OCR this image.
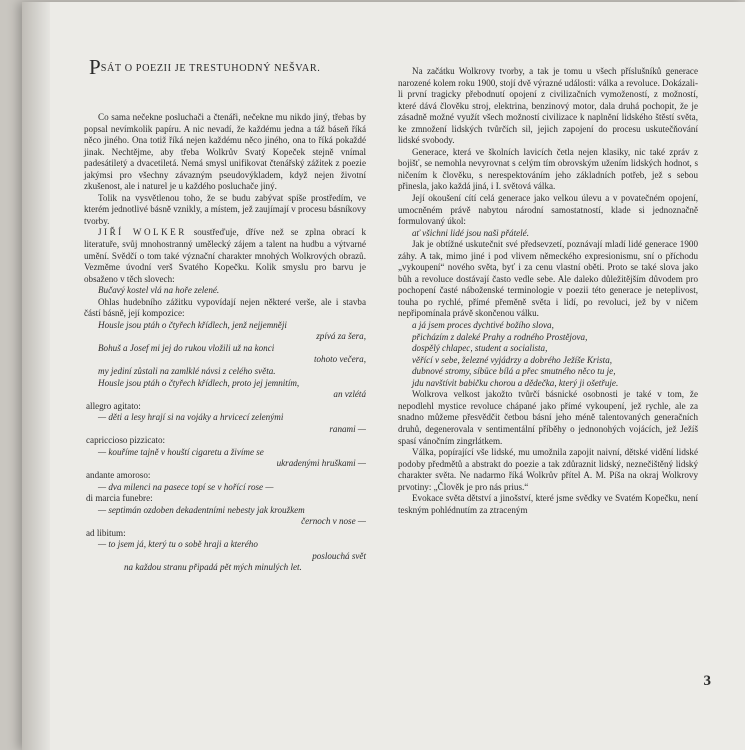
PSÁT O POEZII JE TRESTUHODNÝ NEŠVAR.

Co sama nečekne posluchači a čtenáři, nečekne mu nikdo jiný, třebas by popsal nevímkolik papíru. A nic nevadí, že každému jedna a táž báseň říká něco jiného. Ona totiž říká nejen každému něco jiného, ona to říká pokaždé jinak. Nechtějme, aby třeba Wolkrův Svatý Kopeček stejně vnímal padesátiletý a dvacetiletá. Nemá smysl unifikovat čtenářský zážitek z poezie jakýmsi pro všechny závazným pseudovýkladem, když nejen životní zkušenost, ale i naturel je u každého posluchače jiný.

Tolik na vysvětlenou toho, že se budu zabývat spíše prostředím, ve kterém jednotlivé básně vznikly, a místem, jež zaujímají v procesu básníkovy tvorby.

JIŘÍ WOLKER soustřeďuje, dříve než se zplna obrací k literatuře, svůj mnohostranný umělecký zájem a talent na hudbu a výtvarné umění. Svědčí o tom také význační charakter mnohých Wolkrových obrazů. Vezměme úvodní verš Svatého Kopečku. Kolik smyslu pro barvu je obsaženo v těch slovech:

Bučavý kostel vlá na hoře zelené.

Ohlas hudebního zážitku vypovídají nejen některé verše, ale i stavba částí básně, její kompozice:

Houslе jsou ptáh o čtyřech křídlech, jenž nejjemněji

zpívá za šera,

Bohuš a Josef mi jej do rukou vložili už na konci

tohoto večera,

my jediní zůstali na zamlklé návsi z celého světa.

Housle jsou ptáh o čtyřech křídlech, proto jej jemnitím,

an vzlétá

allegro agitato:

— děti a lesy hrají si na vojáky a hrvicecí zelenými

ranami —

capriccioso pizzicato:

— kouříme tajně v houští cigaretu a živíme se

ukradenými hruškami —

andante amoroso:

— dva milenci na pasece topí se v hořící rose —

di marcia funebre:

— septimán ozdoben dekadentními nebesty jak kroužkem

černoch v nose —

ad libitum:

— to jsem já, který tu o sobě hraji a kterého

poslouchá svět

na každou stranu připadá pět mých minulých let.

Na začátku Wolkrovy tvorby, a tak je tomu u všech příslušníků generace narozené kolem roku 1900, stojí dvě výrazné události: válka a revoluce. Dokázali-li první tragicky přebodnutí opojení z civilizačních vymožeností, z možností, které dává člověku stroj, elektrina, benzinový motor, dala druhá pochopit, že je zásadně možné využít všech možností civilizace k naplnění lidského štěstí světa, ke zmnožení lidských tvůrčích sil, jejich zapojení do procesu uskutečňování lidské svobody.

Generace, která ve školních lavicích četla nejen klasiky, nic také zpráv z bojišť, se nemohla nevyrovnat s celým tím obrovským užením lidských hodnot, s ničením k člověku, s nerespektováním jeho základních potřeb, jež s sebou přinesla, jako každá jiná, i I. světová válka.

Její okoušení cítí celá generace jako velkou úlevu a v povatečném opojení, umocněném právě nabytou národní samostatností, klade si jednoznačně formulovaný úkol:

ať všichni lidé jsou naši přátelé.

Jak je obtížné uskutečnit své předsevzetí, poznávají mladí lidé generace 1900 záhy. A tak, mimo jiné i pod vlivem německého expresionismu, sní o příchodu „vykoupení“ nového světa, byť i za cenu vlastní oběti. Proto se také slova jako bůh a revoluce dostávají často vedle sebe. Ale daleko důležitějším důvodem pro pochopení časté náboženské terminologie v poezii této generace je neteplivost, touha po rychlé, přímé přeměně světa i lidí, po revoluci, jež by v ničem nepřipomínala právě skončenou válku.

a já jsem proces dychtivé božího slova,

přicházím z daleké Prahy a rodného Prostějova,

dospělý chlapec, student a socialista,

věřící v sebe, železné vyjádrzy a dobrého Ježíše Krista,

dubnové stromy, síbüce bílá a přec smutného něco tu je,

jdu navštívit babičku chorou a dědečka, který ji ošetřuje.

Wolkrova velkost jakožto tvůrčí básnické osobnosti je také v tom, že nepodlehl mystice revoluce chápané jako přímé vykoupení, jež rychle, ale za snadno můžeme přesvědčit četbou básní jeho méně talentovaných generačních druhů, degenerovala v sentimentální příběhy o jednonohých vojácích, jež Ježíš spasí vánočním zingrlátkem.

Válka, popírající vše lidské, mu umožnila zapojit naivní, dětské vidění lidské podoby předmětů a abstrakt do poezie a tak zdůraznit lidský, neznečištěný lidský charakter světa. Ne nadarmo říká Wolkrův přítel A. M. Píša na okraj Wolkrovy prvotiny: „Člověk je pro nás prius.“

Evokace světa dětství a jinošství, které jsme svědky ve Svatém Kopečku, není teskným pohlédnutím za ztraceným

3
